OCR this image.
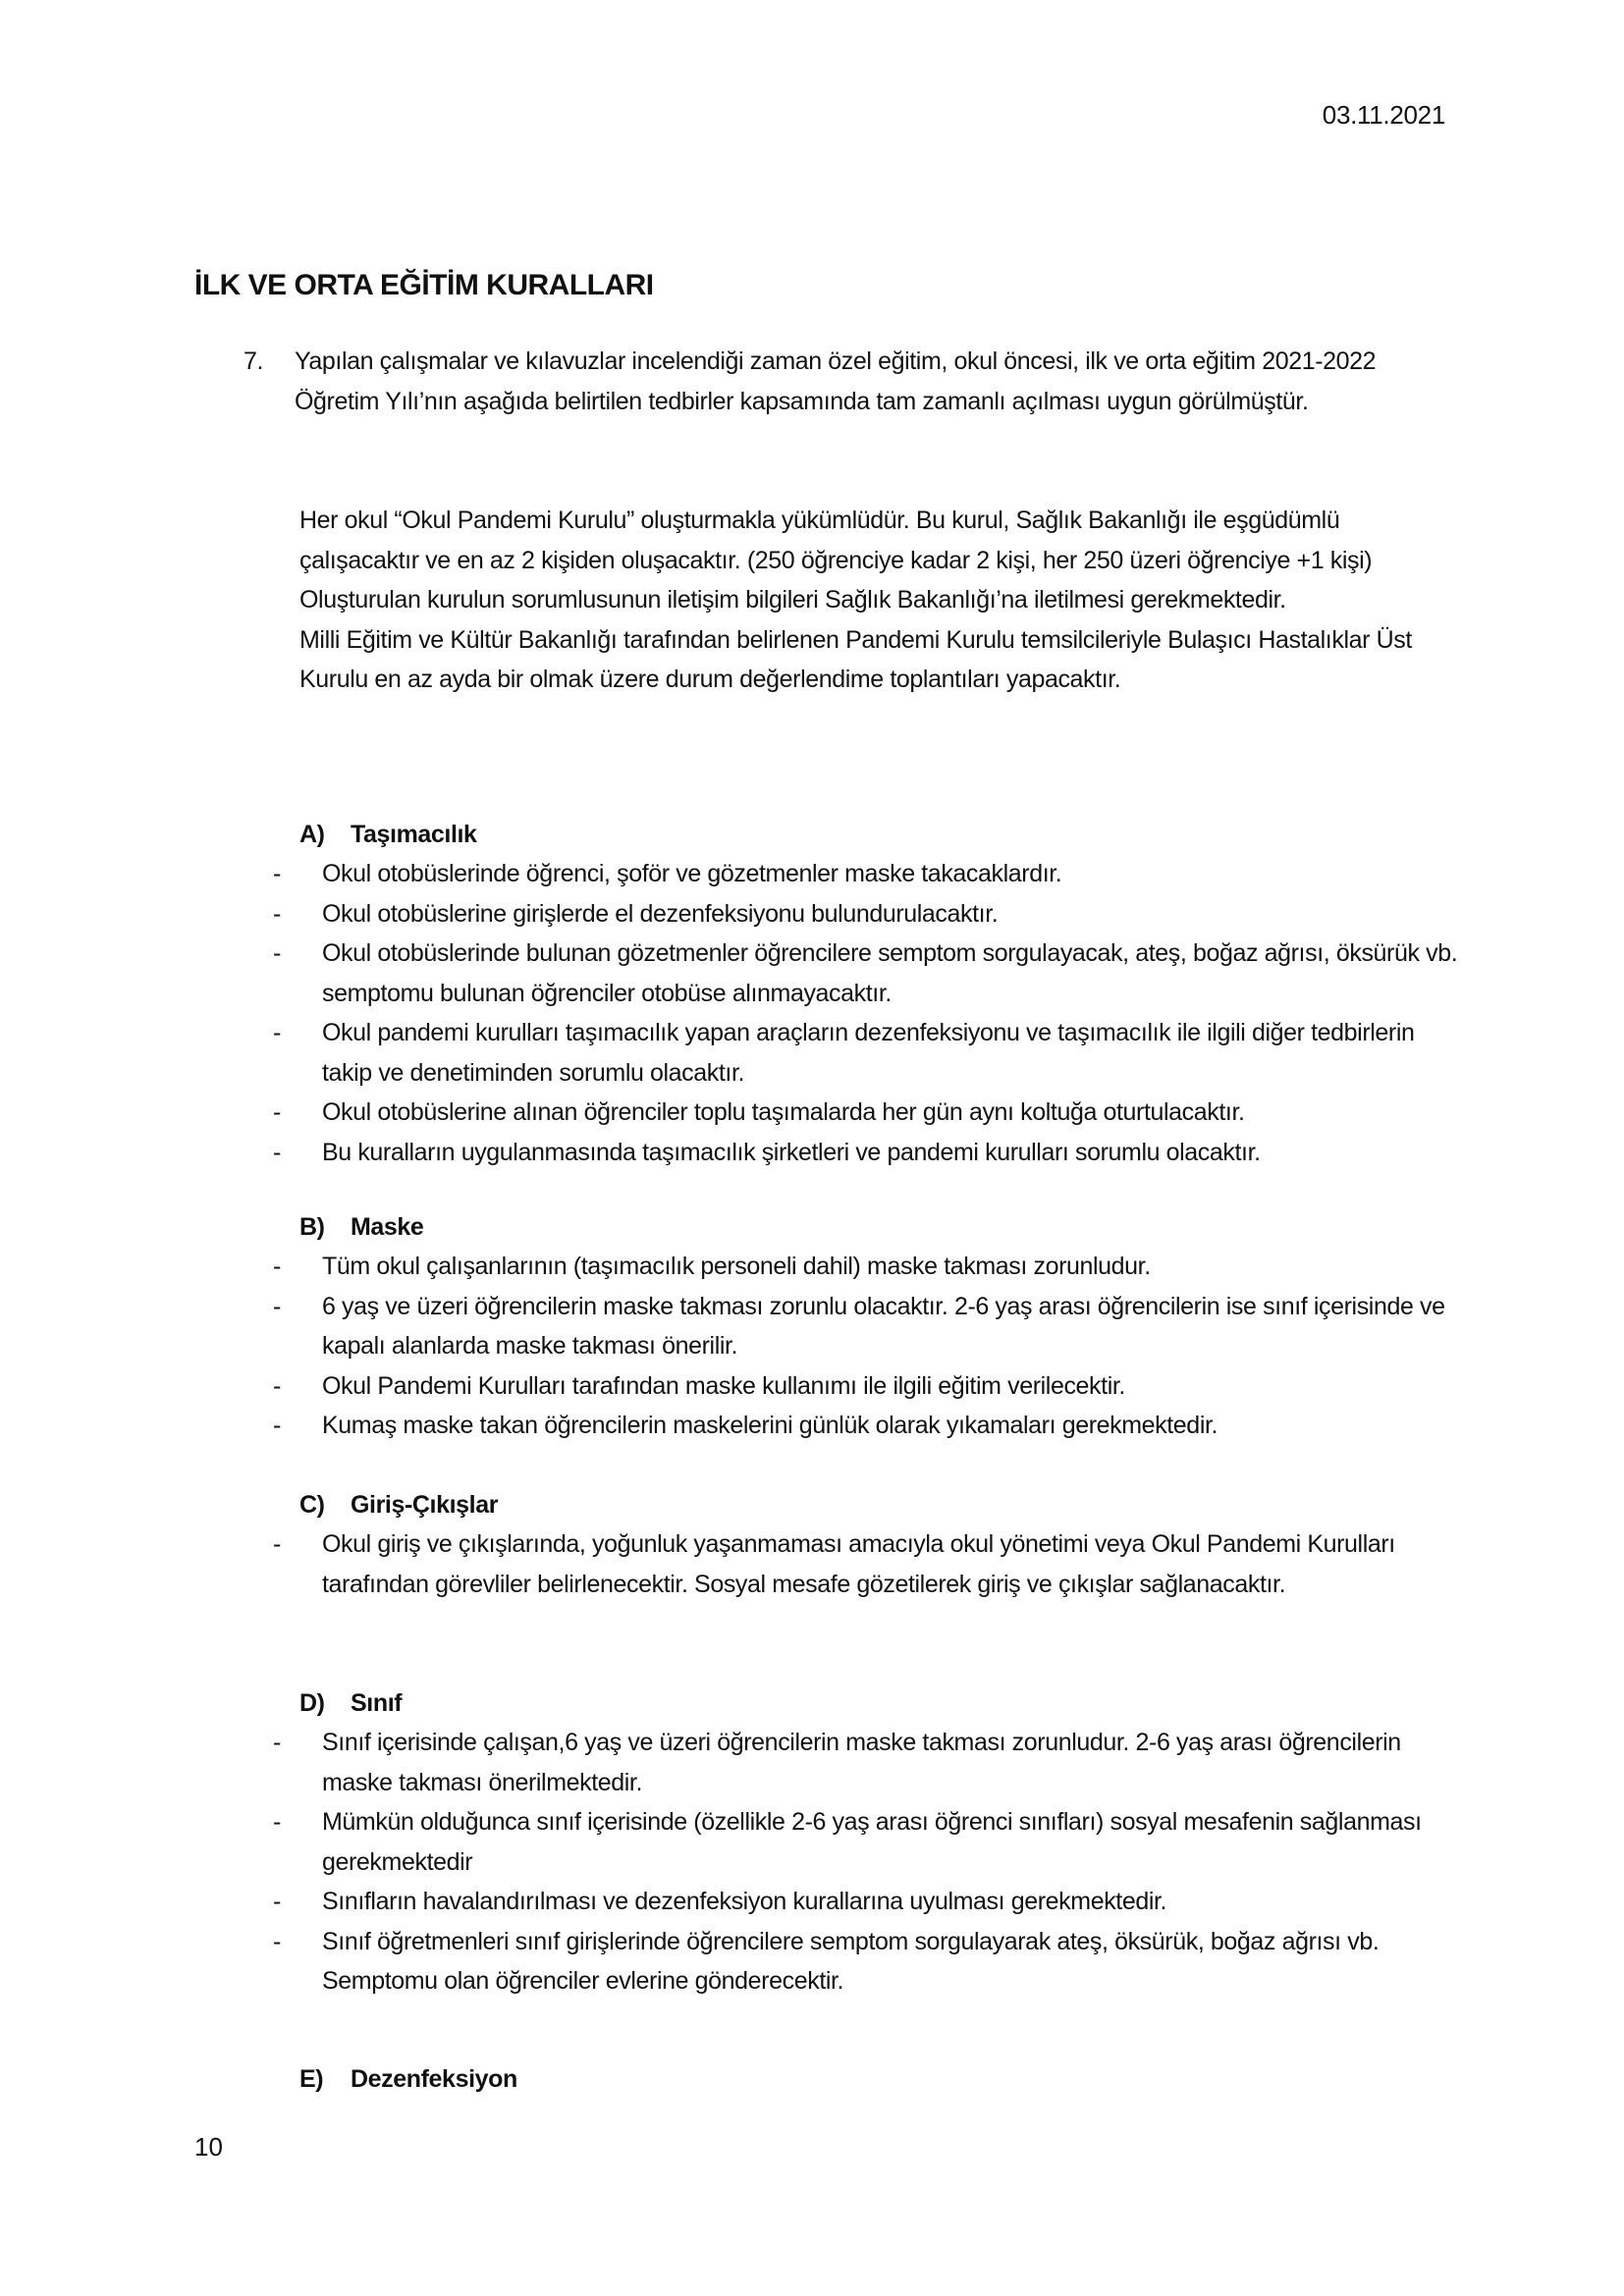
03.11.2021
İLK VE ORTA EĞİTİM KURALLARI
7. Yapılan çalışmalar ve kılavuzlar incelendiği zaman özel eğitim, okul öncesi, ilk ve orta eğitim 2021-2022 Öğretim Yılı’nın aşağıda belirtilen tedbirler kapsamında tam zamanlı açılması uygun görülmüştür.

Her okul “Okul Pandemi Kurulu” oluşturmakla yükümlüdür. Bu kurul, Sağlık Bakanlığı ile eşgüdümlü çalışacaktır ve en az 2 kişiden oluşacaktır. (250 öğrenciye kadar 2 kişi, her 250 üzeri öğrenciye +1 kişi) Oluşturulan kurulun sorumlusunun iletişim bilgileri Sağlık Bakanlığı’na iletilmesi gerekmektedir.

Milli Eğitim ve Kültür Bakanlığı tarafından belirlenen Pandemi Kurulu temsilcileriyle Bulaşıcı Hastalıklar Üst Kurulu en az ayda bir olmak üzere durum değerlendime toplantıları yapacaktır.

A) Taşımacılık
- Okul otobüslerinde öğrenci, şoför ve gözetmenler maske takacaklardır.
- Okul otobüslerine girişlerde el dezenfeksiyonu bulundurulacaktır.
- Okul otobüslerinde bulunan gözetmenler öğrencilere semptom sorgulayacak, ateş, boğaz ağrısı, öksürük vb. semptomu bulunan öğrenciler otobüse alınmayacaktır.
- Okul pandemi kurulları taşımacılık yapan araçların dezenfeksiyonu ve taşımacılık ile ilgili diğer tedbirlerin takip ve denetiminden sorumlu olacaktır.
- Okul otobüslerine alınan öğrenciler toplu taşımalarda her gün aynı koltuğa oturtulacaktır.
- Bu kuralların uygulanmasında taşımacılık şirketleri ve pandemi kurulları sorumlu olacaktır.
B) Maske
- Tüm okul çalışanlarının (taşımacılık personeli dahil) maske takması zorunludur.
- 6 yaş ve üzeri öğrencilerin maske takması zorunlu olacaktır. 2-6 yaş arası öğrencilerin ise sınıf içerisinde ve kapalı alanlarda maske takması önerilir.
- Okul Pandemi Kurulları tarafından maske kullanımı ile ilgili eğitim verilecektir.
- Kumaş maske takan öğrencilerin maskelerini günlük olarak yıkamaları gerekmektedir.
C) Giriş-Çıkışlar
- Okul giriş ve çıkışlarında, yoğunluk yaşanmaması amacıyla okul yönetimi veya Okul Pandemi Kurulları tarafından görevliler belirlenecektir. Sosyal mesafe gözetilerek giriş ve çıkışlar sağlanacaktır.
D) Sınıf
- Sınıf içerisinde çalışan,6 yaş ve üzeri öğrencilerin maske takması zorunludur. 2-6 yaş arası öğrencilerin maske takması önerilmektedir.
- Mümkün olduğunca sınıf içerisinde (özellikle 2-6 yaş arası öğrenci sınıfları) sosyal mesafenin sağlanması gerekmektedir
- Sınıfların havalandırılması ve dezenfeksiyon kurallarına uyulması gerekmektedir.
- Sınıf öğretmenleri sınıf girişlerinde öğrencilere semptom sorgulayarak ateş, öksürük, boğaz ağrısı vb. Semptomu olan öğrenciler evlerine gönderecektir.
E) Dezenfeksiyon
10
